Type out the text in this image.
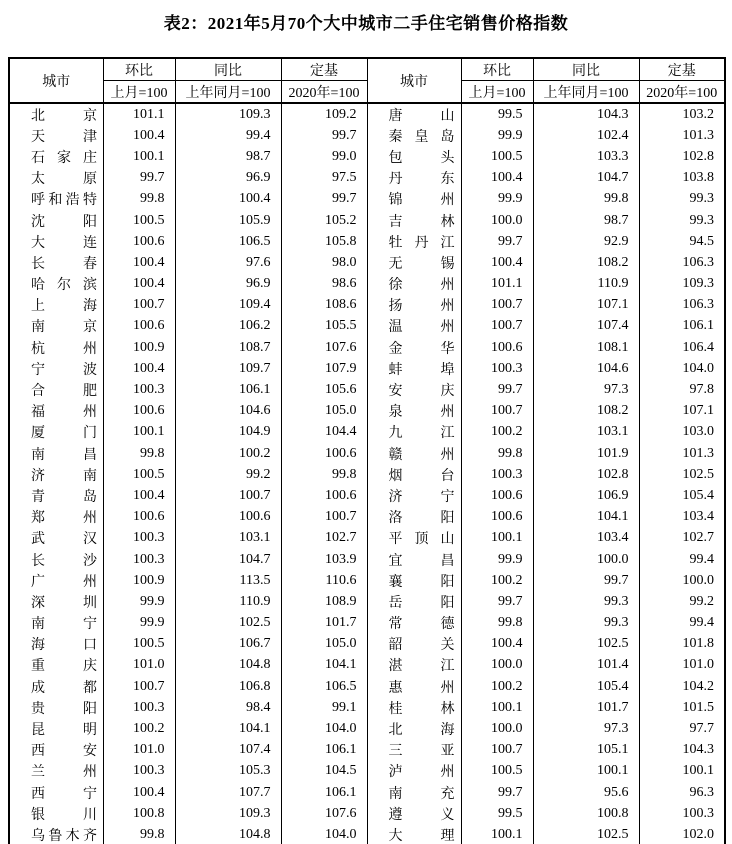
表2：2021年5月70个大中城市二手住宅销售价格指数
城市	环比	同比	定基	城市	环比	同比	定基
	上月=100	上年同月=100	2020年=100		上月=100	上年同月=100	2020年=100
北京	101.1	109.3	109.2	唐山	99.5	104.3	103.2
天津	100.4	99.4	99.7	秦皇岛	99.9	102.4	101.3
石家庄	100.1	98.7	99.0	包头	100.5	103.3	102.8
太原	99.7	96.9	97.5	丹东	100.4	104.7	103.8
呼和浩特	99.8	100.4	99.7	锦州	99.9	99.8	99.3
沈阳	100.5	105.9	105.2	吉林	100.0	98.7	99.3
大连	100.6	106.5	105.8	牡丹江	99.7	92.9	94.5
长春	100.4	97.6	98.0	无锡	100.4	108.2	106.3
哈尔滨	100.4	96.9	98.6	徐州	101.1	110.9	109.3
上海	100.7	109.4	108.6	扬州	100.7	107.1	106.3
南京	100.6	106.2	105.5	温州	100.7	107.4	106.1
杭州	100.9	108.7	107.6	金华	100.6	108.1	106.4
宁波	100.4	109.7	107.9	蚌埠	100.3	104.6	104.0
合肥	100.3	106.1	105.6	安庆	99.7	97.3	97.8
福州	100.6	104.6	105.0	泉州	100.7	108.2	107.1
厦门	100.1	104.9	104.4	九江	100.2	103.1	103.0
南昌	99.8	100.2	100.6	赣州	99.8	101.9	101.3
济南	100.5	99.2	99.8	烟台	100.3	102.8	102.5
青岛	100.4	100.7	100.6	济宁	100.6	106.9	105.4
郑州	100.6	100.6	100.7	洛阳	100.6	104.1	103.4
武汉	100.3	103.1	102.7	平顶山	100.1	103.4	102.7
长沙	100.3	104.7	103.9	宜昌	99.9	100.0	99.4
广州	100.9	113.5	110.6	襄阳	100.2	99.7	100.0
深圳	99.9	110.9	108.9	岳阳	99.7	99.3	99.2
南宁	99.9	102.5	101.7	常德	99.8	99.3	99.4
海口	100.5	106.7	105.0	韶关	100.4	102.5	101.8
重庆	101.0	104.8	104.1	湛江	100.0	101.4	101.0
成都	100.7	106.8	106.5	惠州	100.2	105.4	104.2
贵阳	100.3	98.4	99.1	桂林	100.1	101.7	101.5
昆明	100.2	104.1	104.0	北海	100.0	97.3	97.7
西安	101.0	107.4	106.1	三亚	100.7	105.1	104.3
兰州	100.3	105.3	104.5	泸州	100.5	100.1	100.1
西宁	100.4	107.7	106.1	南充	99.7	95.6	96.3
银川	100.8	109.3	107.6	遵义	99.5	100.8	100.3
乌鲁木齐	99.8	104.8	104.0	大理	100.1	102.5	102.0
